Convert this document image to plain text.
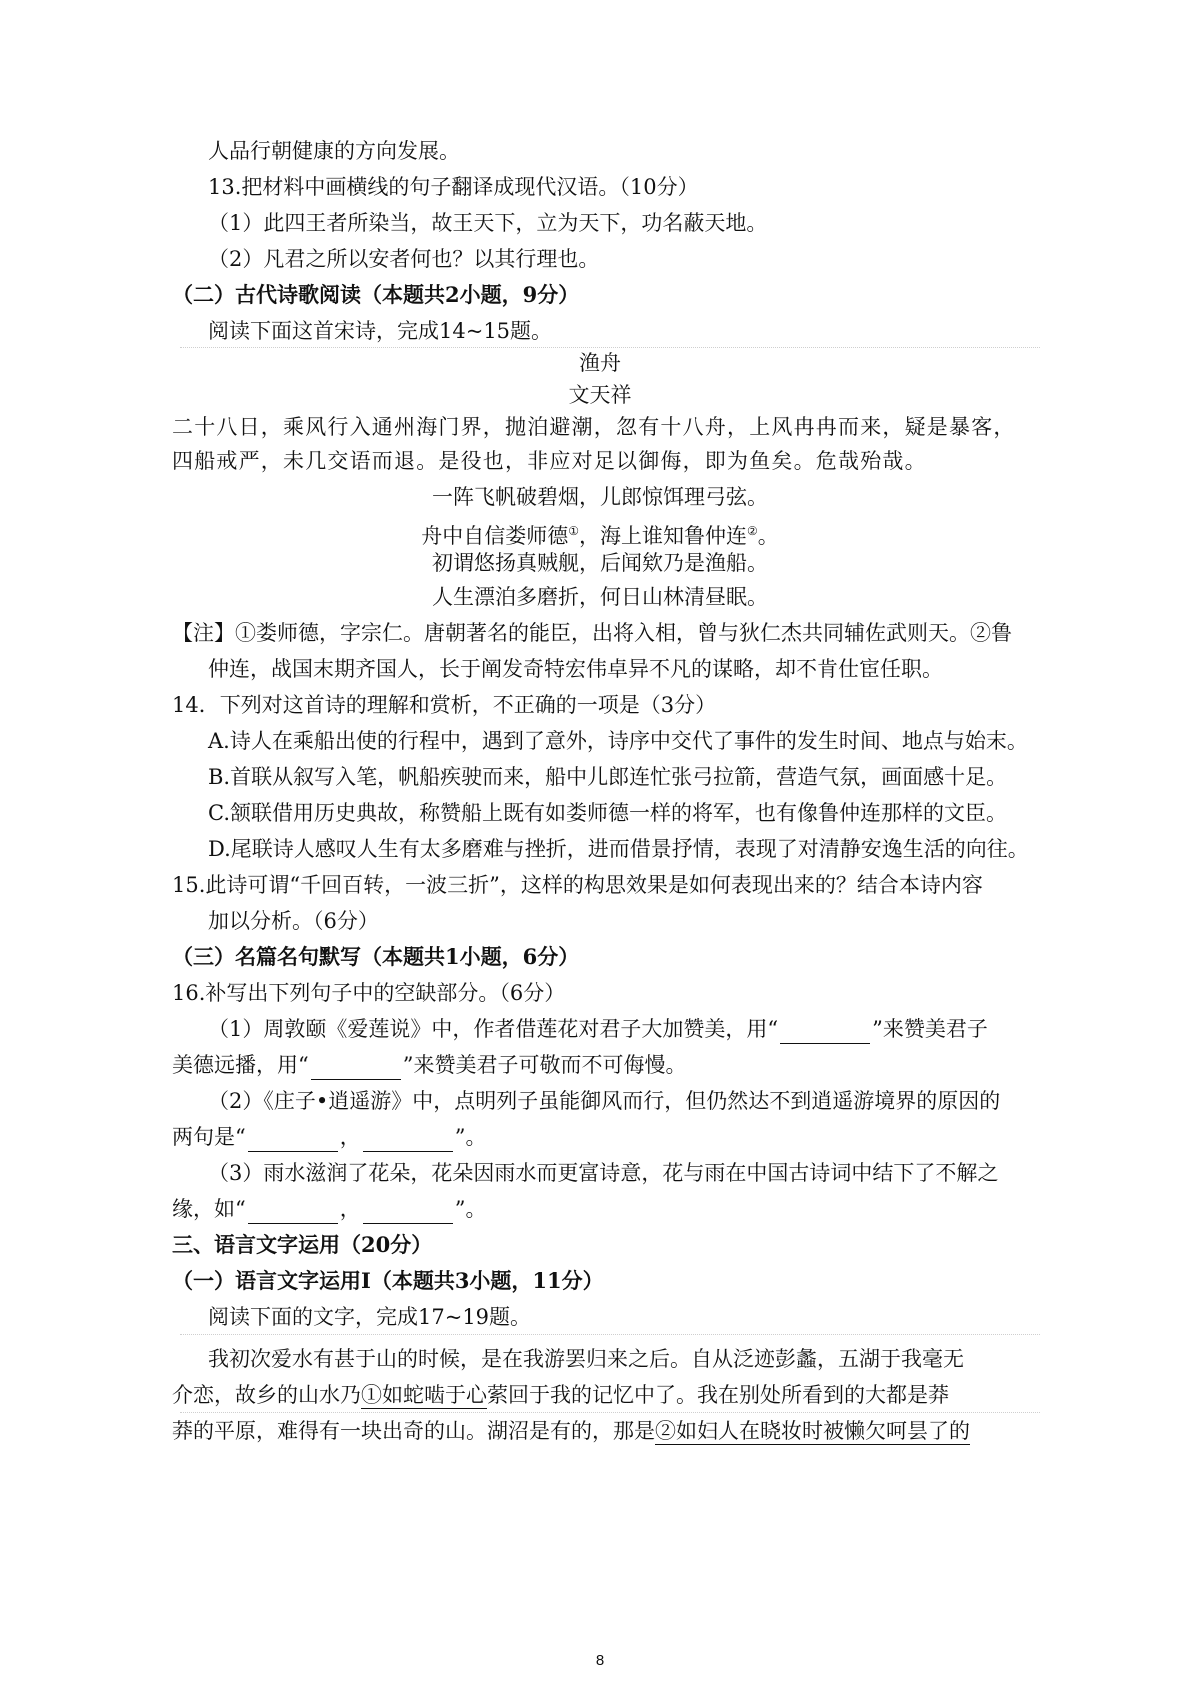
人品行朝健康的方向发展。
13.把材料中画横线的句子翻译成现代汉语。（10分）
（1）此四王者所染当，故王天下，立为天下，功名蔽天地。
（2）凡君之所以安者何也？以其行理也。
（二）古代诗歌阅读（本题共2小题，9分）
阅读下面这首宋诗，完成14~15题。
渔舟
文天祥
二十八日，乘风行入通州海门界，抛泊避潮，忽有十八舟，上风冉冉而来，疑是暴客，
四船戒严，未几交语而退。是役也，非应对足以御侮，即为鱼矣。危哉殆哉。
一阵飞帆破碧烟，儿郎惊饵理弓弦。
舟中自信娄师德①，海上谁知鲁仲连②。
初谓悠扬真贼舰，后闻欸乃是渔船。
人生漂泊多磨折，何日山林清昼眠。
【注】①娄师德，字宗仁。唐朝著名的能臣，出将入相，曾与狄仁杰共同辅佐武则天。②鲁
仲连，战国末期齐国人，长于阐发奇特宏伟卓异不凡的谋略，却不肯仕宦任职。
14．下列对这首诗的理解和赏析，不正确的一项是（3分）
A.诗人在乘船出使的行程中，遇到了意外，诗序中交代了事件的发生时间、地点与始末。
B.首联从叙写入笔，帆船疾驶而来，船中儿郎连忙张弓拉箭，营造气氛，画面感十足。
C.颔联借用历史典故，称赞船上既有如娄师德一样的将军，也有像鲁仲连那样的文臣。
D.尾联诗人感叹人生有太多磨难与挫折，进而借景抒情，表现了对清静安逸生活的向往。
15.此诗可谓“千回百转，一波三折”，这样的构思效果是如何表现出来的？结合本诗内容
加以分析。（6分）
（三）名篇名句默写（本题共1小题，6分）
16.补写出下列句子中的空缺部分。（6分）
（1）周敦颐《爱莲说》中，作者借莲花对君子大加赞美，用“	”来赞美君子
美德远播，用“	”来赞美君子可敬而不可侮慢。
（2）《庄子•逍遥游》中，点明列子虽能御风而行，但仍然达不到逍遥游境界的原因的
两句是“	，	”。
（3）雨水滋润了花朵，花朵因雨水而更富诗意，花与雨在中国古诗词中结下了不解之
缘，如“	，	”。
三、语言文字运用（20分）
（一）语言文字运用Ⅰ（本题共3小题，11分）
阅读下面的文字，完成17~19题。
我初次爱水有甚于山的时候，是在我游罢归来之后。自从泛迹彭蠡，五湖于我毫无
介恋，故乡的山水乃①如蛇啮于心萦回于我的记忆中了。我在别处所看到的大都是莽
莽的平原，难得有一块出奇的山。湖沼是有的，那是②如妇人在晓妆时被懒欠呵昙了的
8
